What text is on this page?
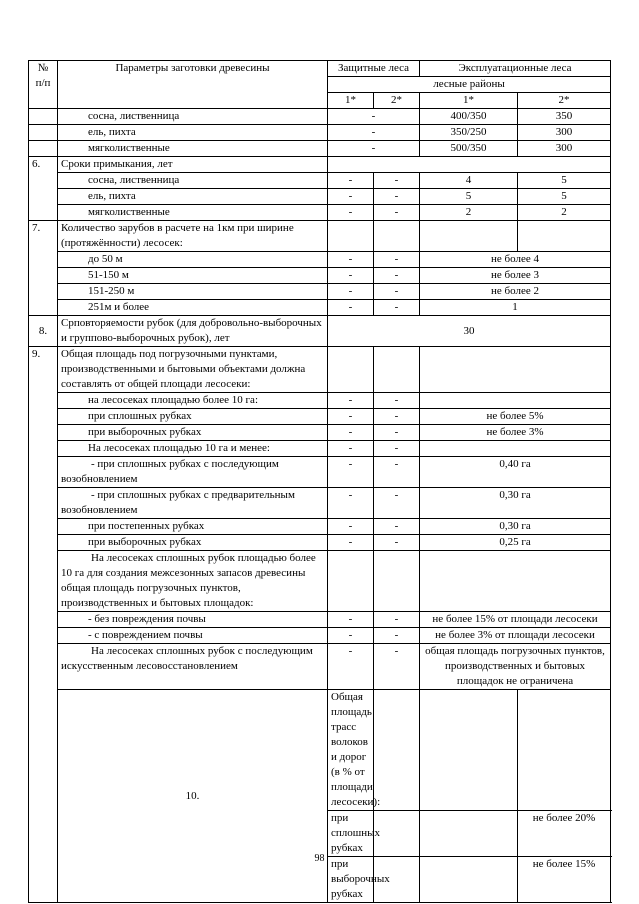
№ п/п	Параметры заготовки древесины	Защитные леса		Эксплуатационные леса	
		лесные районы			
		1*	2*	1*	2*
	сосна, лиственница	-		400/350	350
	ель, пихта	-		350/250	300
	мягколиственные	-		500/350	300
6.	Сроки примыкания, лет				
	сосна, лиственница	-	-	4	5
	ель, пихта	-	-	5	5
	мягколиственные	-	-	2	2
7.	Количество зарубов в расчете на 1км при ширине (протяжённости) лесосек:				
	до 50 м	-	-	не более 4	
	51-150 м	-	-	не более 3	
	151-250 м	-	-	не более 2	
	251м и более	-	-	1	
8.	Срповторяемости рубок (для добровольно-выборочных и группово-выборочных рубок), лет	30			
9.	Общая площадь под погрузочными пунктами, производственными и бытовыми объектами должна составлять от общей площади лесосеки:				
	на лесосеках площадью более 10 га:	-	-		
	при сплошных рубках	-	-	не более 5%	
	при выборочных рубках	-	-	не более 3%	
	На лесосеках площадью 10 га и менее:	-	-		
	- при сплошных рубках с последующим возобновлением	-	-	0,40 га	
	- при сплошных рубках с предварительным возобновлением	-	-	0,30 га	
	при постепенных рубках	-	-	0,30 га	
	при выборочных рубках	-	-	0,25 га	
	На лесосеках сплошных рубок площадью более 10 га для создания межсезонных запасов древесины общая площадь погрузочных пунктов, производственных и бытовых площадок:				
	- без повреждения почвы	-	-	не более 15% от площади лесосеки	
	- с повреждением почвы	-	-	не более 3% от площади лесосеки	
	На лесосеках сплошных рубок с последующим искусственным лесовосстановлением	-	-	общая площадь погрузочных пунктов, производственных и бытовых площадок не ограничена	
	10.	Общая площадь трасс волоков и дорог (в % от площади лесосеки):			
		при сплошных рубках			не более 20%
		при выборочных рубках			не более 15%
98
